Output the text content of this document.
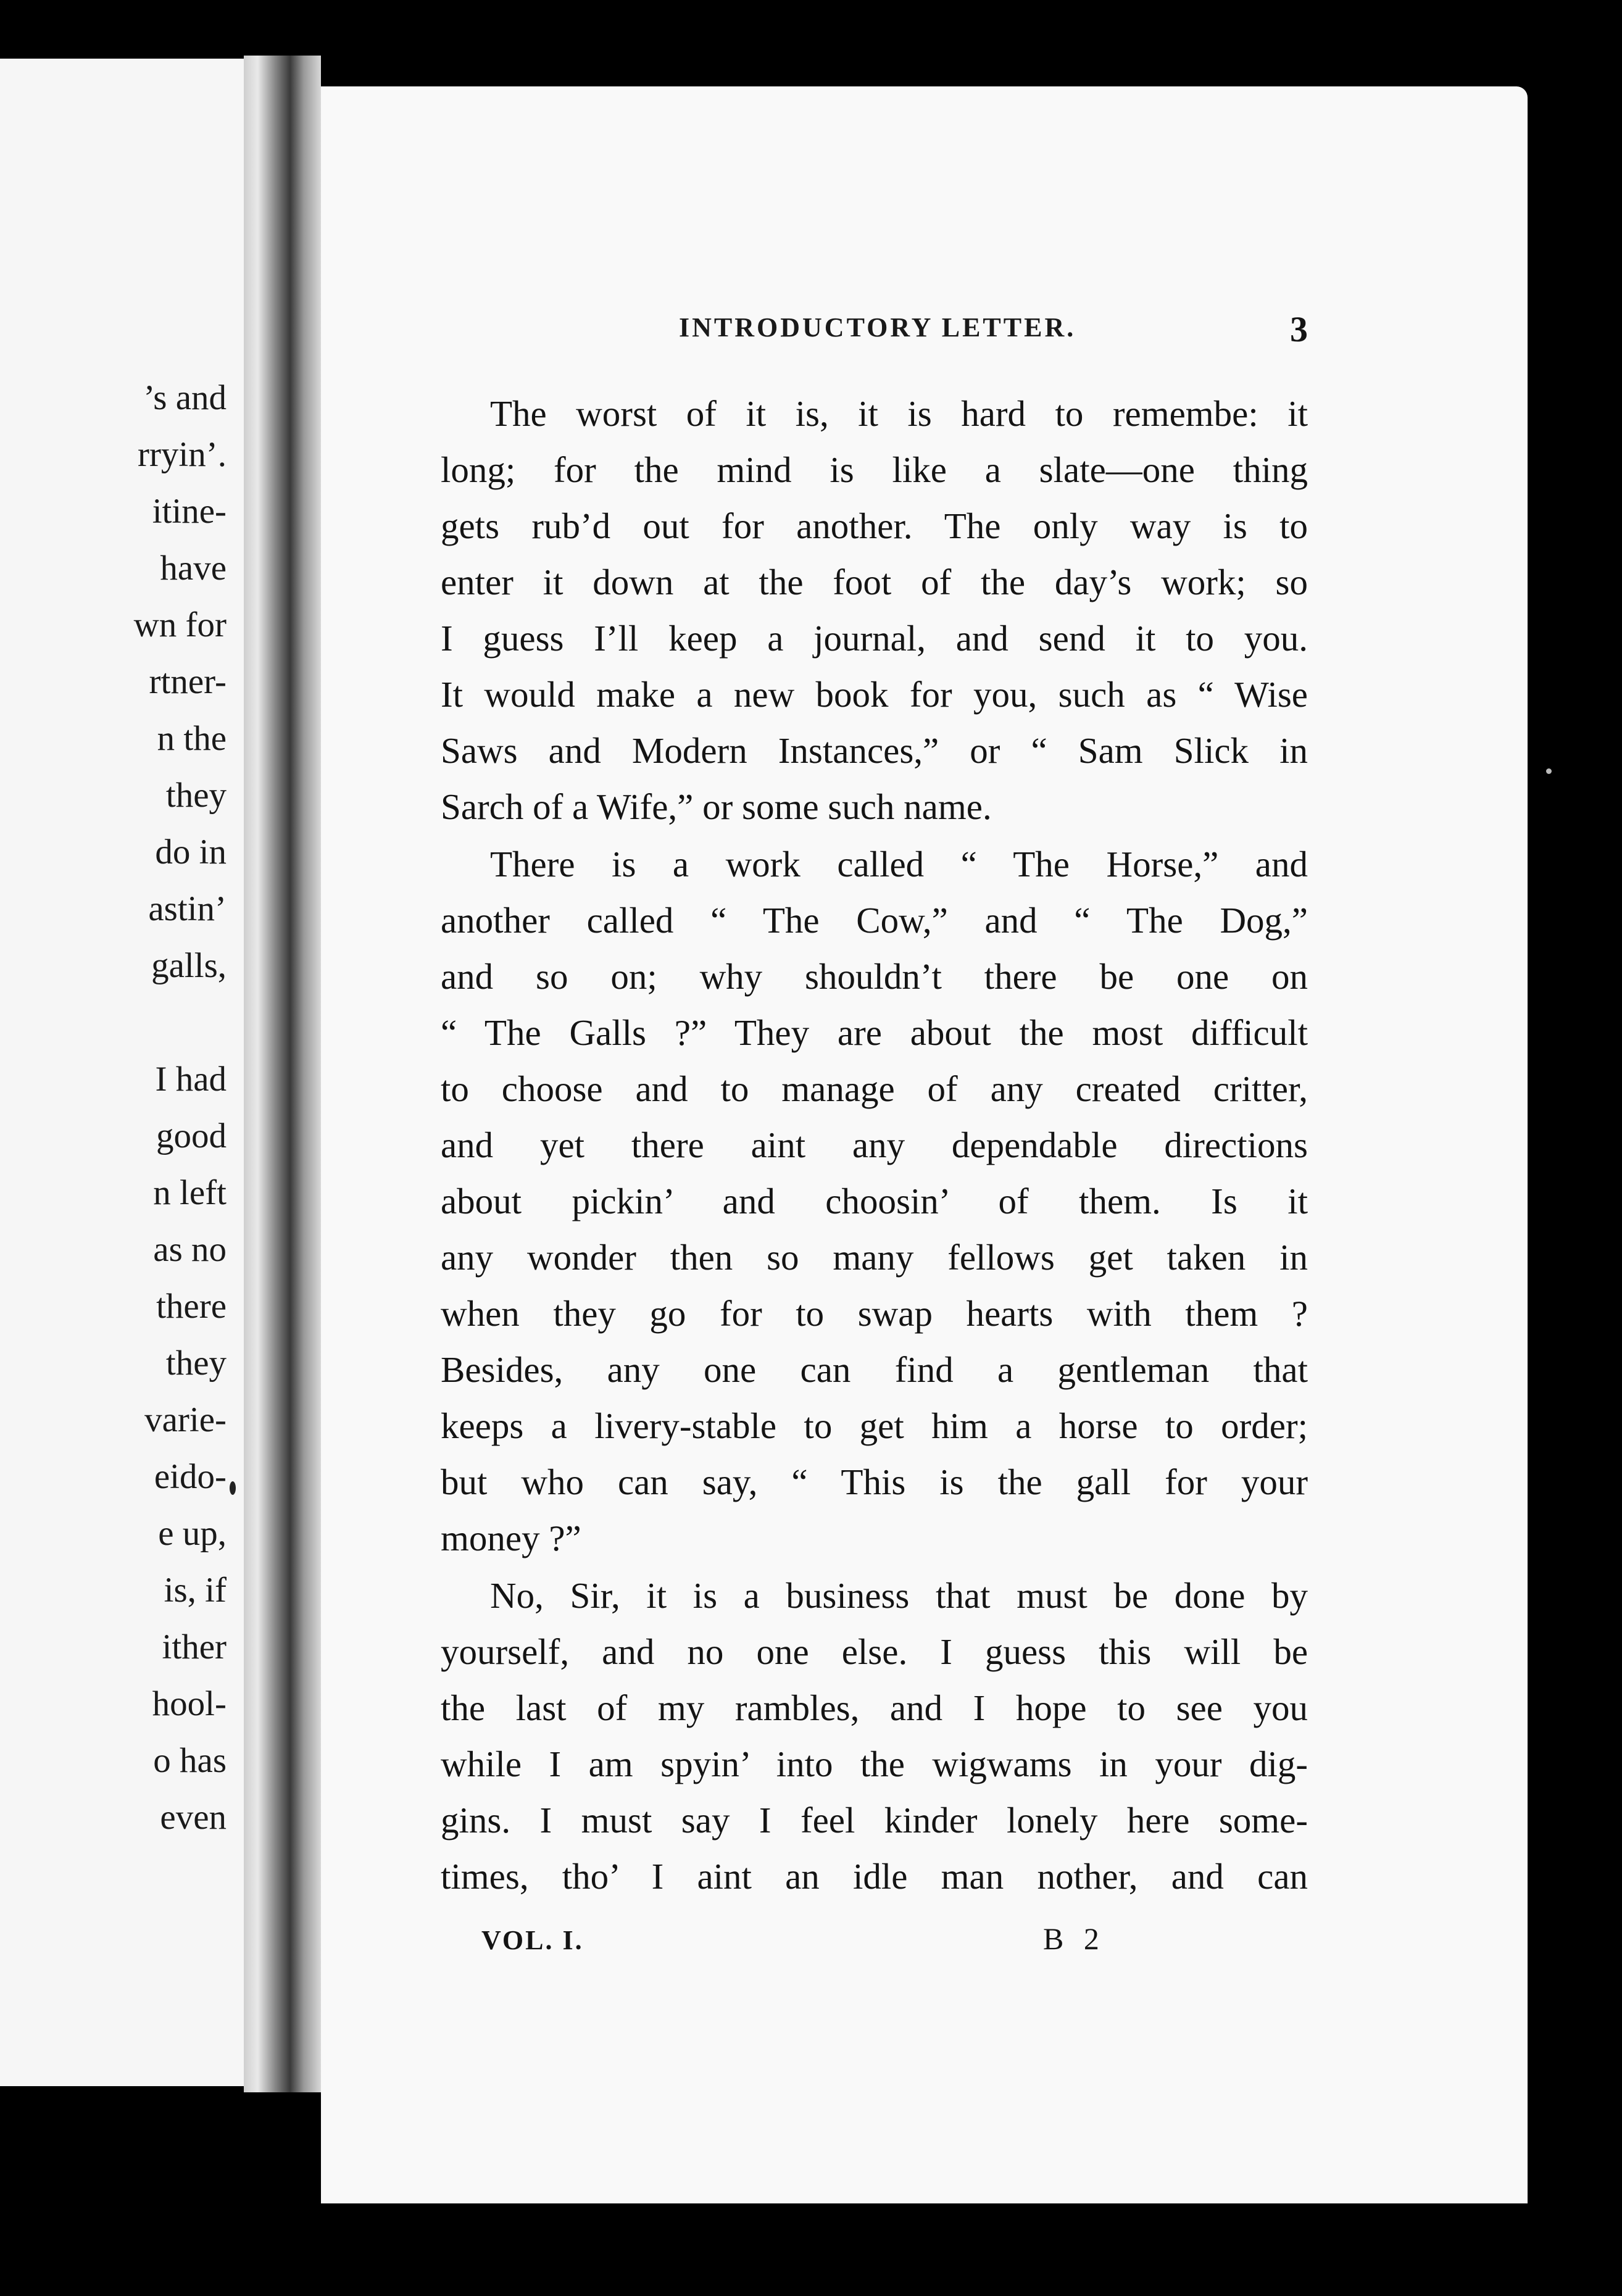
’s and
rryin’.
itine-
have
wn for
rtner-
n the
they
do in
astin’
galls,
I had
good
n left
as no
there
they
varie-
eido-
e up,
is, if
ither
hool-
o has
even
INTRODUCTORY LETTER.	3
The worst of it is, it is hard to remembe: it
long; for the mind is like a slate—one thing
gets rub’d out for another. The only way is to
enter it down at the foot of the day’s work; so
I guess I’ll keep a journal, and send it to you.
It would make a new book for you, such as “ Wise
Saws and Modern Instances,” or “ Sam Slick in
Sarch of a Wife,” or some such name.
There is a work called “ The Horse,” and
another called “ The Cow,” and “ The Dog,”
and so on; why shouldn’t there be one on
“ The Galls ?” They are about the most difficult
to choose and to manage of any created critter,
and yet there aint any dependable directions
about pickin’ and choosin’ of them. Is it
any wonder then so many fellows get taken in
when they go for to swap hearts with them ?
Besides, any one can find a gentleman that
keeps a livery-stable to get him a horse to order;
but who can say, “ This is the gall for your
money ?”
No, Sir, it is a business that must be done by
yourself, and no one else. I guess this will be
the last of my rambles, and I hope to see you
while I am spyin’ into the wigwams in your dig-
gins. I must say I feel kinder lonely here some-
times, tho’ I aint an idle man nother, and can
VOL. I.	B 2
